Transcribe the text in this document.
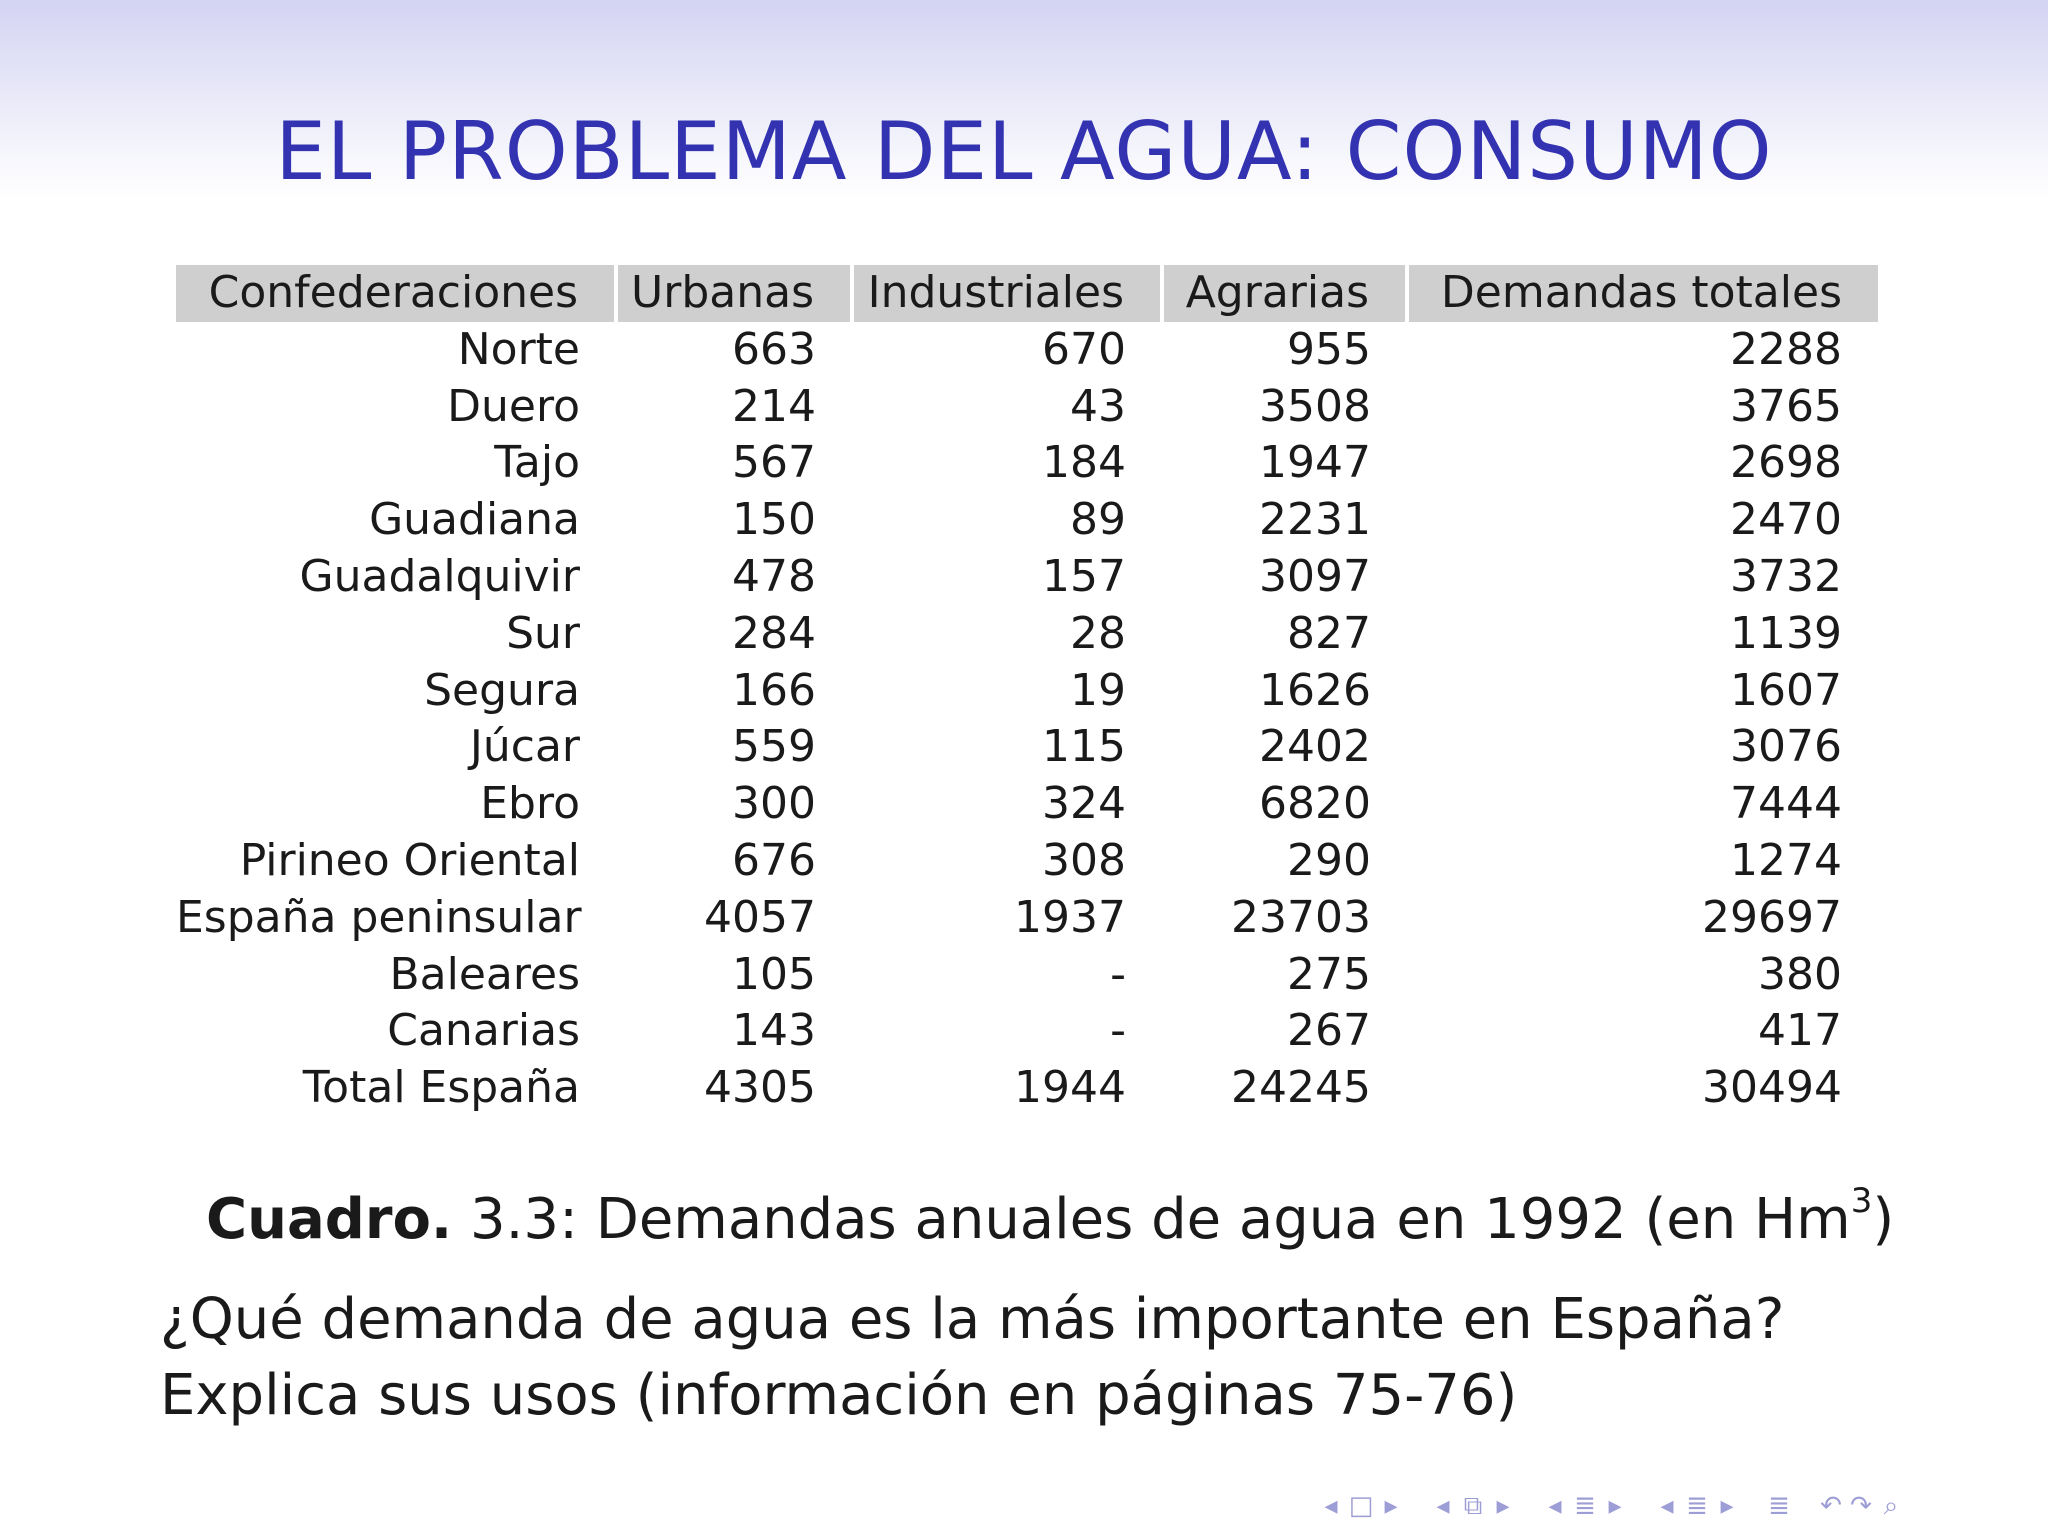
EL PROBLEMA DEL AGUA: CONSUMO
Confederaciones	Urbanas	Industriales	Agrarias	Demandas totales
Norte	663	670	955	2288
Duero	214	43	3508	3765
Tajo	567	184	1947	2698
Guadiana	150	89	2231	2470
Guadalquivir	478	157	3097	3732
Sur	284	28	827	1139
Segura	166	19	1626	1607
Júcar	559	115	2402	3076
Ebro	300	324	6820	7444
Pirineo Oriental	676	308	290	1274
España peninsular	4057	1937	23703	29697
Baleares	105	-	275	380
Canarias	143	-	267	417
Total España	4305	1944	24245	30494
Cuadro. 3.3: Demandas anuales de agua en 1992 (en Hm$^3$)
¿Qué demanda de agua es la más importante en España?
Explica sus usos (información en páginas 75-76)
◂ □ ▸	◂ ⧉ ▸	◂ ≣ ▸	◂ ≣ ▸	≣ ↶ ↷ ⌕
